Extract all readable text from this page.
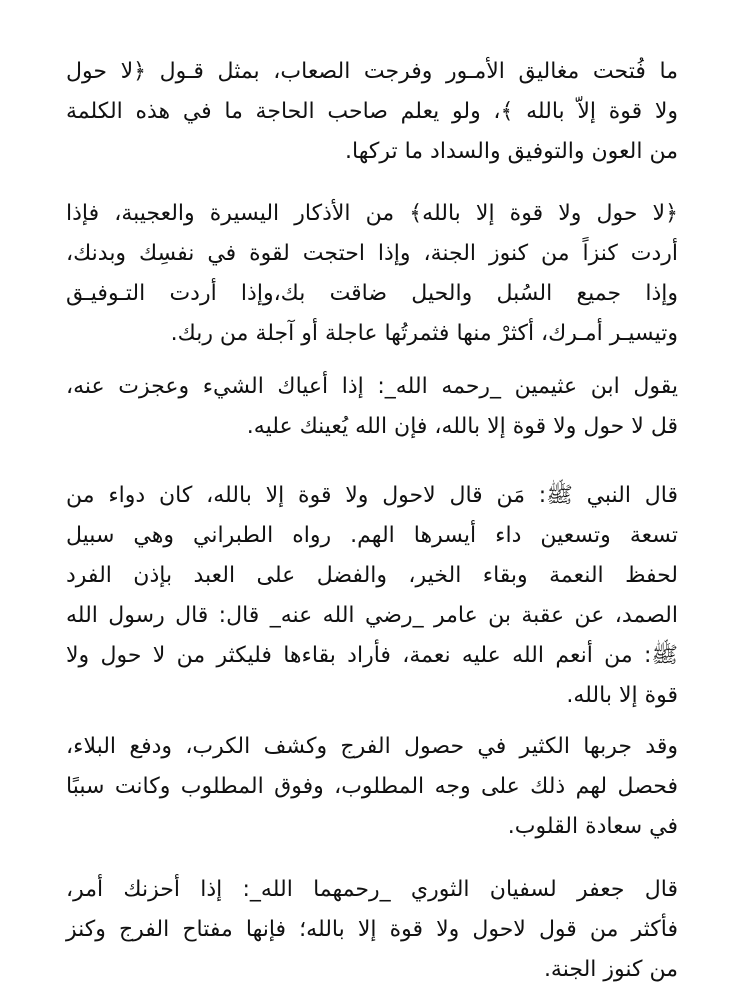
ما فُتحت مغاليق الأمـور وفرجت الصعاب، بمثل قـول ﴿لا حول
ولا قوة إلاّ بالله ﴾، ولو يعلم صاحب الحاجة ما في هذه الكلمة
من العون والتوفيق والسداد ما تركها.
﴿لا حول ولا قوة إلا بالله﴾ من الأذكار اليسيرة والعجيبة، فإذا
أردت كنزاً من كنوز الجنة، وإذا احتجت لقوة في نفسِك وبدنك،
وإذا جميع السُبل والحيل ضاقت بك،وإذا أردت التـوفيـق
وتيسيـر أمـرك، أكثرْ منها فثمرتُها عاجلة أو آجلة من ربك.
يقول ابن عثيمين _رحمه الله_: إذا أعياك الشيء وعجزت عنه،
قل لا حول ولا قوة إلا بالله، فإن الله يُعينك عليه.
قال النبي ﷺ: مَن قال لاحول ولا قوة إلا بالله، كان دواء من
تسعة وتسعين داء أيسرها الهم. رواه الطبراني وهي سبيل
لحفظ النعمة وبقاء الخير، والفضل على العبد بإذن الفرد
الصمد، عن عقبة بن عامر _رضي الله عنه_ قال: قال رسول الله
ﷺ: من أنعم الله عليه نعمة، فأراد بقاءها فليكثر من لا حول ولا
قوة إلا بالله.
وقد جربها الكثير في حصول الفرج وكشف الكرب، ودفع البلاء،
فحصل لهم ذلك على وجه المطلوب، وفوق المطلوب وكانت سببًا
في سعادة القلوب.
قال جعفر لسفيان الثوري _رحمهما الله_: إذا أحزنك أمر،
فأكثر من قول لاحول ولا قوة إلا بالله؛ فإنها مفتاح الفرج وكنز
من كنوز الجنة.
